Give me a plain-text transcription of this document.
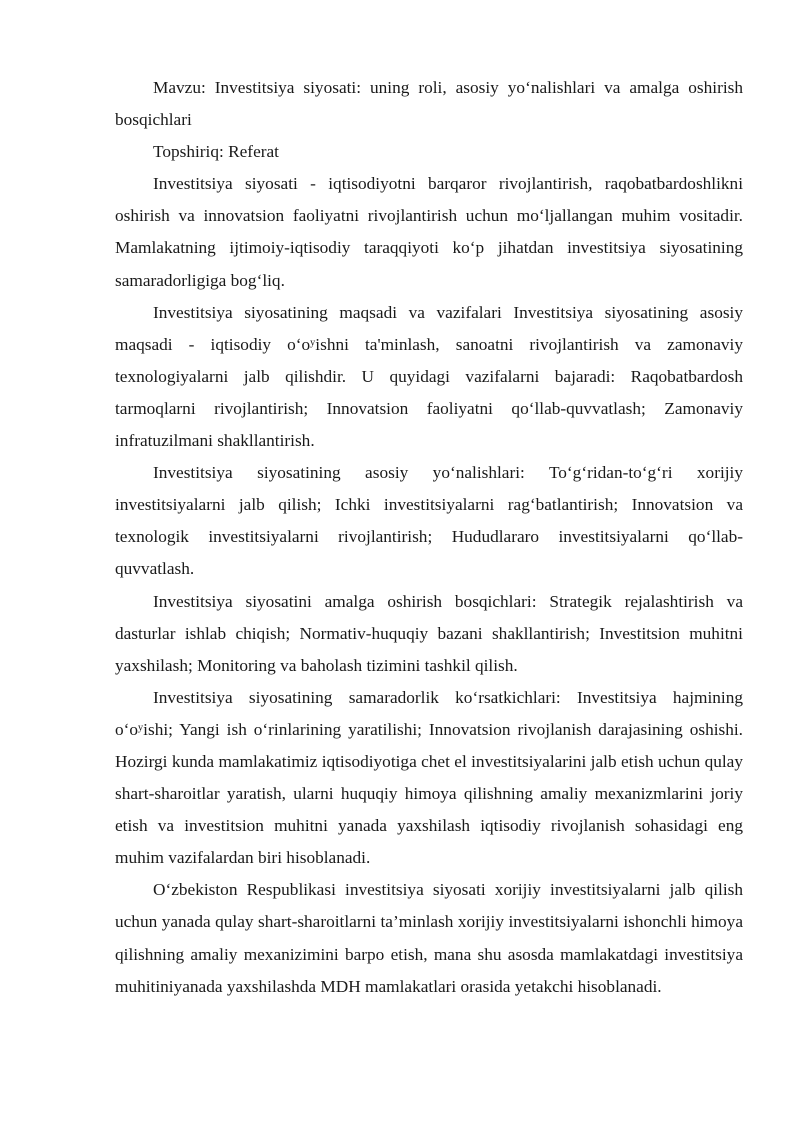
Mavzu: Investitsiya siyosati: uning roli, asosiy yo‘nalishlari va amalga oshirish bosqichlari

Topshiriq: Referat

Investitsiya siyosati - iqtisodiyotni barqaror rivojlantirish, raqobatbardoshlikni oshirish va innovatsion faoliyatni rivojlantirish uchun mo‘ljallangan muhim vositadir. Mamlakatning ijtimoiy-iqtisodiy taraqqiyoti ko‘p jihatdan investitsiya siyosatining samaradorligiga bog‘liq.

Investitsiya siyosatining maqsadi va vazifalari Investitsiya siyosatining asosiy maqsadi - iqtisodiy o‘oʸishni ta'minlash, sanoatni rivojlantirish va zamonaviy texnologiyalarni jalb qilishdir. U quyidagi vazifalarni bajaradi: Raqobatbardosh tarmoqlarni rivojlantirish; Innovatsion faoliyatni qo‘llab-quvvatlash; Zamonaviy infratuzilmani shakllantirish.

Investitsiya siyosatining asosiy yo‘nalishlari: To‘g‘ridan-to‘g‘ri xorijiy investitsiyalarni jalb qilish; Ichki investitsiyalarni rag‘batlantirish; Innovatsion va texnologik investitsiyalarni rivojlantirish; Hududlararo investitsiyalarni qo‘llab-quvvatlash.

Investitsiya siyosatini amalga oshirish bosqichlari: Strategik rejalashtirish va dasturlar ishlab chiqish; Normativ-huquqiy bazani shakllantirish; Investitsion muhitni yaxshilash; Monitoring va baholash tizimini tashkil qilish.

Investitsiya siyosatining samaradorlik ko‘rsatkichlari: Investitsiya hajmining o‘oʸishi; Yangi ish o‘rinlarining yaratilishi; Innovatsion rivojlanish darajasining oshishi. Hozirgi kunda mamlakatimiz iqtisodiyotiga chet el investitsiyalarini jalb etish uchun qulay shart-sharoitlar yaratish, ularni huquqiy himoya qilishning amaliy mexanizmlarini joriy etish va investitsion muhitni yanada yaxshilash iqtisodiy rivojlanish sohasidagi eng muhim vazifalardan biri hisoblanadi.

O‘zbekiston Respublikasi investitsiya siyosati xorijiy investitsiyalarni jalb qilish uchun yanada qulay shart-sharoitlarni ta’minlash xorijiy investitsiyalarni ishonchli himoya qilishning amaliy mexanizimini barpo etish, mana shu asosda mamlakatdagi investitsiya muhitiniyanada yaxshilashda MDH mamlakatlari orasida yetakchi hisoblanadi.
